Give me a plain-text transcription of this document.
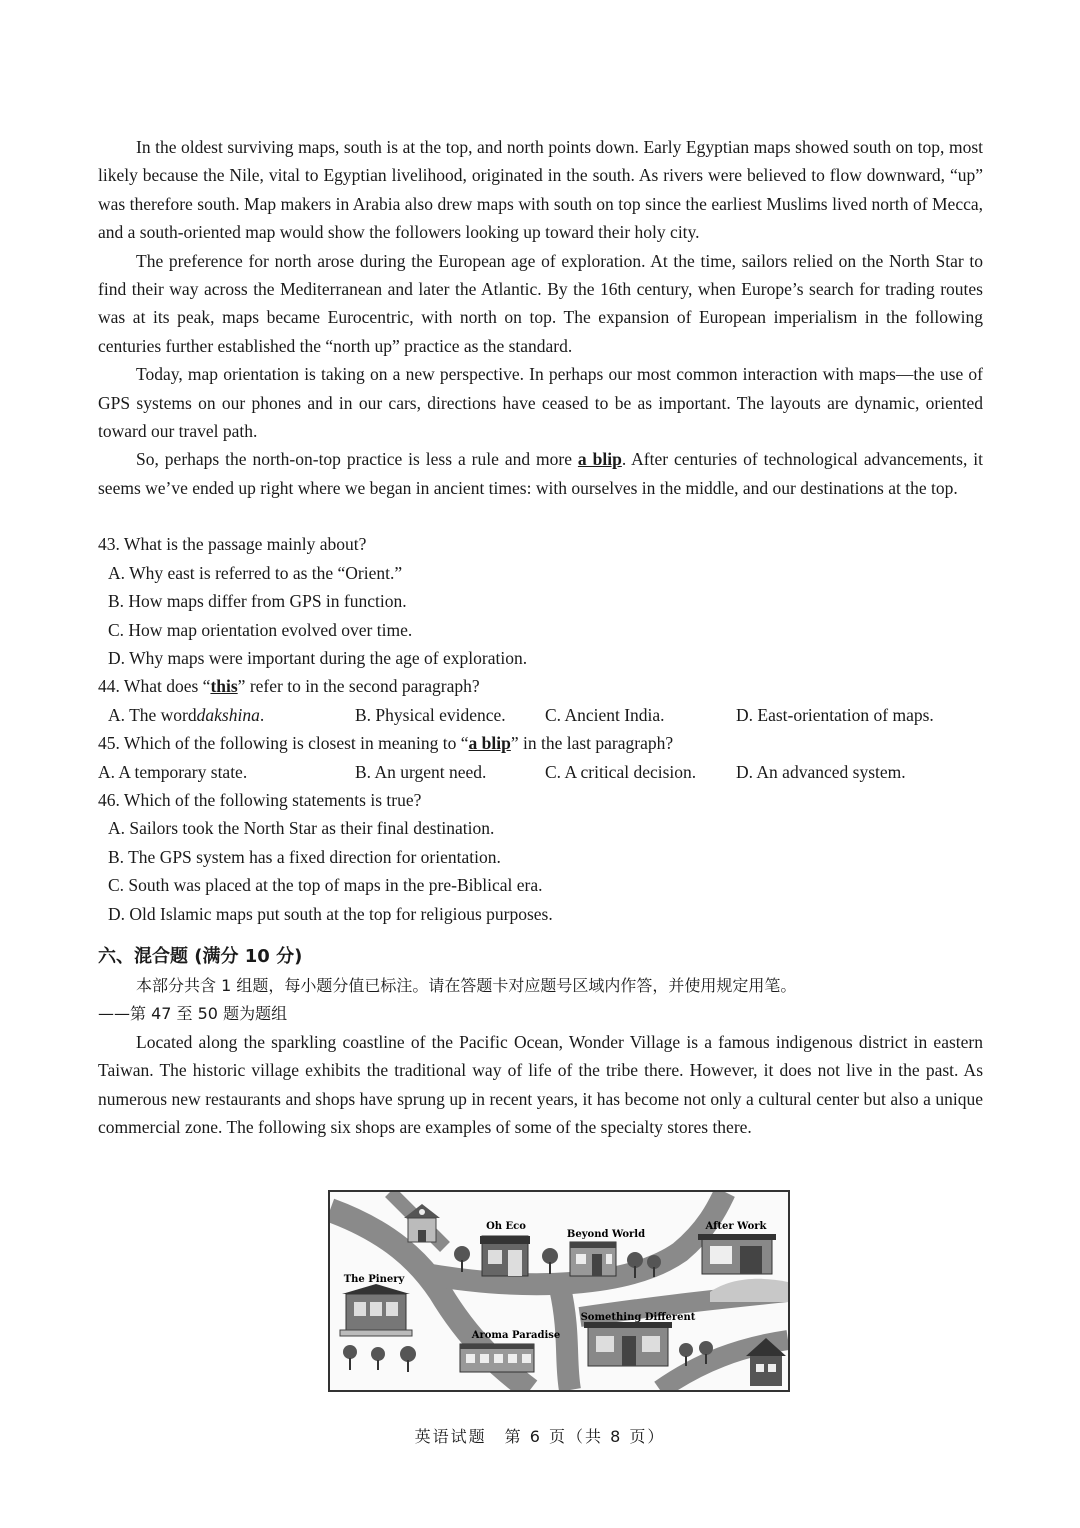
In the oldest surviving maps, south is at the top, and north points down. Early Egyptian maps showed south on top, most likely because the Nile, vital to Egyptian livelihood, originated in the south. As rivers were believed to flow downward, “up” was therefore south. Map makers in Arabia also drew maps with south on top since the earliest Muslims lived north of Mecca, and a south-oriented map would show the followers looking up toward their holy city.

The preference for north arose during the European age of exploration. At the time, sailors relied on the North Star to find their way across the Mediterranean and later the Atlantic. By the 16th century, when Europe’s search for trading routes was at its peak, maps became Eurocentric, with north on top. The expansion of European imperialism in the following centuries further established the “north up” practice as the standard.

Today, map orientation is taking on a new perspective. In perhaps our most common interaction with maps—the use of GPS systems on our phones and in our cars, directions have ceased to be as important. The layouts are dynamic, oriented toward our travel path.

So, perhaps the north-on-top practice is less a rule and more a blip. After centuries of technological advancements, it seems we’ve ended up right where we began in ancient times: with ourselves in the middle, and our destinations at the top.

43. What is the passage mainly about?

A. Why east is referred to as the “Orient.”

B. How maps differ from GPS in function.

C. How map orientation evolved over time.

D. Why maps were important during the age of exploration.

44. What does “this” refer to in the second paragraph?

A. The worddakshina.	B. Physical evidence.	C. Ancient India.	D. East-orientation of maps.

45. Which of the following is closest in meaning to “a blip” in the last paragraph?

A. A temporary state.	B. An urgent need.	C. A critical decision.	D. An advanced system.

46. Which of the following statements is true?

A. Sailors took the North Star as their final destination.

B. The GPS system has a fixed direction for orientation.

C. South was placed at the top of maps in the pre-Biblical era.

D. Old Islamic maps put south at the top for religious purposes.

六、混合题 (满分 10 分)

本部分共含 1 组题，每小题分值已标注。请在答题卡对应题号区域内作答，并使用规定用笔。

——第 47 至 50 题为题组

Located along the sparkling coastline of the Pacific Ocean, Wonder Village is a famous indigenous district in eastern Taiwan. The historic village exhibits the traditional way of life of the tribe there. However, it does not live in the past. As numerous new restaurants and shops have sprung up in recent years, it has become not only a cultural center but also a unique commercial zone. The following six shops are examples of some of the specialty stores there.

Oh Eco
Beyond World
After Work
The Pinery
Aroma Paradise
Something Different
英语试题　第 6 页（共 8 页）
